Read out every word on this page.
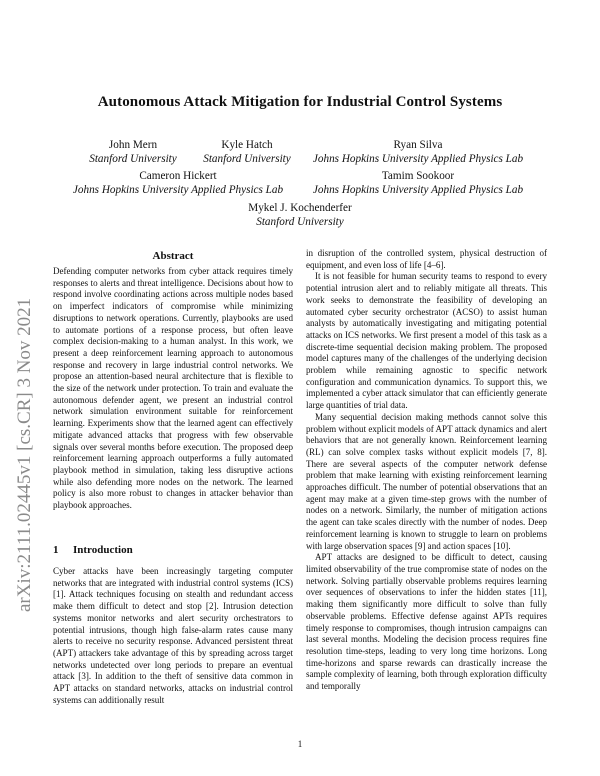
arXiv:2111.02445v1 [cs.CR] 3 Nov 2021
Autonomous Attack Mitigation for Industrial Control Systems
John Mern
Stanford University
Kyle Hatch
Stanford University
Ryan Silva
Johns Hopkins University Applied Physics Lab
Cameron Hickert
Johns Hopkins University Applied Physics Lab
Tamim Sookoor
Johns Hopkins University Applied Physics Lab
Mykel J. Kochenderfer
Stanford University
Abstract

Defending computer networks from cyber attack requires timely responses to alerts and threat intelligence. Decisions about how to respond involve coordinating actions across multiple nodes based on imperfect indicators of compromise while minimizing disruptions to network operations. Currently, playbooks are used to automate portions of a response process, but often leave complex decision-making to a human analyst. In this work, we present a deep reinforcement learning approach to autonomous response and recovery in large industrial control networks. We propose an attention-based neural architecture that is flexible to the size of the network under protection. To train and evaluate the autonomous defender agent, we present an industrial control network simulation environment suitable for reinforcement learning. Experiments show that the learned agent can effectively mitigate advanced attacks that progress with few observable signals over several months before execution. The proposed deep reinforcement learning approach outperforms a fully automated playbook method in simulation, taking less disruptive actions while also defending more nodes on the network. The learned policy is also more robust to changes in attacker behavior than playbook approaches.

1 Introduction

Cyber attacks have been increasingly targeting computer networks that are integrated with industrial control systems (ICS) [1]. Attack techniques focusing on stealth and redundant access make them difficult to detect and stop [2]. Intrusion detection systems monitor networks and alert security orchestrators to potential intrusions, though high false-alarm rates cause many alerts to receive no security response. Advanced persistent threat (APT) attackers take advantage of this by spreading across target networks undetected over long periods to prepare an eventual attack [3]. In addition to the theft of sensitive data common in APT attacks on standard networks, attacks on industrial control systems can additionally result

in disruption of the controlled system, physical destruction of equipment, and even loss of life [4–6].

It is not feasible for human security teams to respond to every potential intrusion alert and to reliably mitigate all threats. This work seeks to demonstrate the feasibility of developing an automated cyber security orchestrator (ACSO) to assist human analysts by automatically investigating and mitigating potential attacks on ICS networks. We first present a model of this task as a discrete-time sequential decision making problem. The proposed model captures many of the challenges of the underlying decision problem while remaining agnostic to specific network configuration and communication dynamics. To support this, we implemented a cyber attack simulator that can efficiently generate large quantities of trial data.

Many sequential decision making methods cannot solve this problem without explicit models of APT attack dynamics and alert behaviors that are not generally known. Reinforcement learning (RL) can solve complex tasks without explicit models [7, 8]. There are several aspects of the computer network defense problem that make learning with existing reinforcement learning approaches difficult. The number of potential observations that an agent may make at a given time-step grows with the number of nodes on a network. Similarly, the number of mitigation actions the agent can take scales directly with the number of nodes. Deep reinforcement learning is known to struggle to learn on problems with large observation spaces [9] and action spaces [10].

APT attacks are designed to be difficult to detect, causing limited observability of the true compromise state of nodes on the network. Solving partially observable problems requires learning over sequences of observations to infer the hidden states [11], making them significantly more difficult to solve than fully observable problems. Effective defense against APTs requires timely response to compromises, though intrusion campaigns can last several months. Modeling the decision process requires fine resolution time-steps, leading to very long time horizons. Long time-horizons and sparse rewards can drastically increase the sample complexity of learning, both through exploration difficulty and temporally

1
